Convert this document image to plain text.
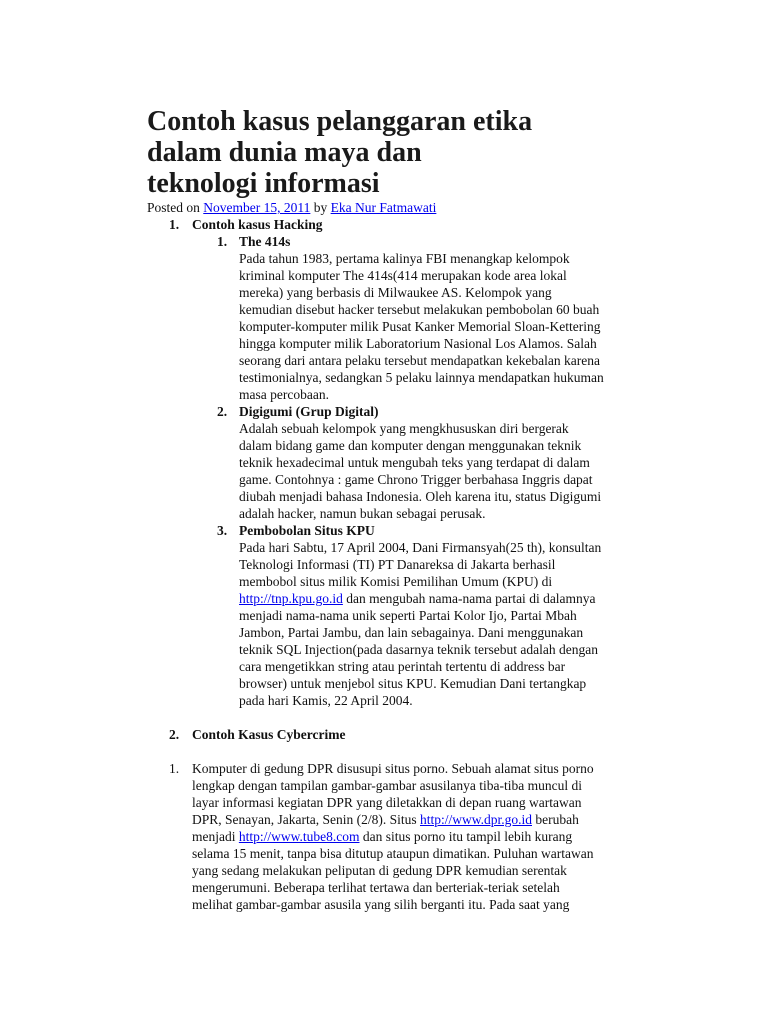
Contoh kasus pelanggaran etika
dalam dunia maya dan
teknologi informasi

Posted on November 15, 2011 by Eka Nur Fatmawati

1. Contoh kasus Hacking
1. The 414s
Pada tahun 1983, pertama kalinya FBI menangkap kelompok
kriminal komputer The 414s(414 merupakan kode area lokal
mereka) yang berbasis di Milwaukee AS. Kelompok yang
kemudian disebut hacker tersebut melakukan pembobolan 60 buah
komputer-komputer milik Pusat Kanker Memorial Sloan-Kettering
hingga komputer milik Laboratorium Nasional Los Alamos. Salah
seorang dari antara pelaku tersebut mendapatkan kekebalan karena
testimonialnya, sedangkan 5 pelaku lainnya mendapatkan hukuman
masa percobaan.
2. Digigumi (Grup Digital)
Adalah sebuah kelompok yang mengkhususkan diri bergerak
dalam bidang game dan komputer dengan menggunakan teknik
teknik hexadecimal untuk mengubah teks yang terdapat di dalam
game. Contohnya : game Chrono Trigger berbahasa Inggris dapat
diubah menjadi bahasa Indonesia. Oleh karena itu, status Digigumi
adalah hacker, namun bukan sebagai perusak.
3. Pembobolan Situs KPU
Pada hari Sabtu, 17 April 2004, Dani Firmansyah(25 th), konsultan
Teknologi Informasi (TI) PT Danareksa di Jakarta berhasil
membobol situs milik Komisi Pemilihan Umum (KPU) di
http://tnp.kpu.go.id dan mengubah nama-nama partai di dalamnya
menjadi nama-nama unik seperti Partai Kolor Ijo, Partai Mbah
Jambon, Partai Jambu, dan lain sebagainya. Dani menggunakan
teknik SQL Injection(pada dasarnya teknik tersebut adalah dengan
cara mengetikkan string atau perintah tertentu di address bar
browser) untuk menjebol situs KPU. Kemudian Dani tertangkap
pada hari Kamis, 22 April 2004.
2. Contoh Kasus Cybercrime
1. Komputer di gedung DPR disusupi situs porno. Sebuah alamat situs porno
lengkap dengan tampilan gambar-gambar asusilanya tiba-tiba muncul di
layar informasi kegiatan DPR yang diletakkan di depan ruang wartawan
DPR, Senayan, Jakarta, Senin (2/8). Situs http://www.dpr.go.id berubah
menjadi http://www.tube8.com dan situs porno itu tampil lebih kurang
selama 15 menit, tanpa bisa ditutup ataupun dimatikan. Puluhan wartawan
yang sedang melakukan peliputan di gedung DPR kemudian serentak
mengerumuni. Beberapa terlihat tertawa dan berteriak-teriak setelah
melihat gambar-gambar asusila yang silih berganti itu. Pada saat yang
